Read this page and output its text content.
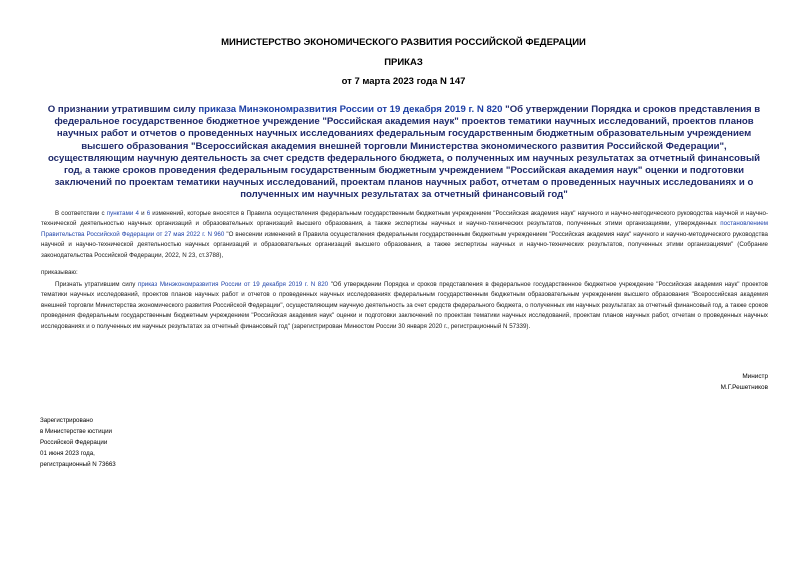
МИНИСТЕРСТВО ЭКОНОМИЧЕСКОГО РАЗВИТИЯ РОССИЙСКОЙ ФЕДЕРАЦИИ
ПРИКАЗ
от 7 марта 2023 года N 147
О признании утратившим силу приказа Минэкономразвития России от 19 декабря 2019 г. N 820 "Об утверждении Порядка и сроков представления в федеральное государственное бюджетное учреждение "Российская академия наук" проектов тематики научных исследований, проектов планов научных работ и отчетов о проведенных научных исследованиях федеральным государственным бюджетным образовательным учреждением высшего образования "Всероссийская академия внешней торговли Министерства экономического развития Российской Федерации", осуществляющим научную деятельность за счет средств федерального бюджета, о полученных им научных результатах за отчетный финансовый год, а также сроков проведения федеральным государственным бюджетным учреждением "Российская академия наук" оценки и подготовки заключений по проектам тематики научных исследований, проектам планов научных работ, отчетам о проведенных научных исследованиях и о полученных им научных результатах за отчетный финансовый год"
В соответствии с пунктами 4 и 6 изменений, которые вносятся в Правила осуществления федеральным государственным бюджетным учреждением "Российская академия наук" научного и научно-методического руководства научной и научно-технической деятельностью научных организаций и образовательных организаций высшего образования, а также экспертизы научных и научно-технических результатов, полученных этими организациями, утвержденных постановлением Правительства Российской Федерации от 27 мая 2022 г. N 960 "О внесении изменений в Правила осуществления федеральным государственным бюджетным учреждением "Российская академия наук" научного и научно-методического руководства научной и научно-технической деятельностью научных организаций и образовательных организаций высшего образования, а также экспертизы научных и научно-технических результатов, полученных этими организациями" (Собрание законодательства Российской Федерации, 2022, N 23, ст.3788),
приказываю:
Признать утратившим силу приказ Минэкономразвития России от 19 декабря 2019 г. N 820 "Об утверждении Порядка и сроков представления в федеральное государственное бюджетное учреждение "Российская академия наук" проектов тематики научных исследований, проектов планов научных работ и отчетов о проведенных научных исследованиях федеральным государственным бюджетным образовательным учреждением высшего образования "Всероссийская академия внешней торговли Министерства экономического развития Российской Федерации", осуществляющим научную деятельность за счет средств федерального бюджета, о полученных им научных результатах за отчетный финансовый год, а также сроков проведения федеральным государственным бюджетным учреждением "Российская академия наук" оценки и подготовки заключений по проектам тематики научных исследований, проектам планов научных работ, отчетам о проведенных научных исследованиях и о полученных им научных результатах за отчетный финансовый год" (зарегистрирован Минюстом России 30 января 2020 г., регистрационный N 57339).
Министр
М.Г.Решетников
Зарегистрировано
в Министерстве юстиции
Российской Федерации
01 июня 2023 года,
регистрационный N 73663
